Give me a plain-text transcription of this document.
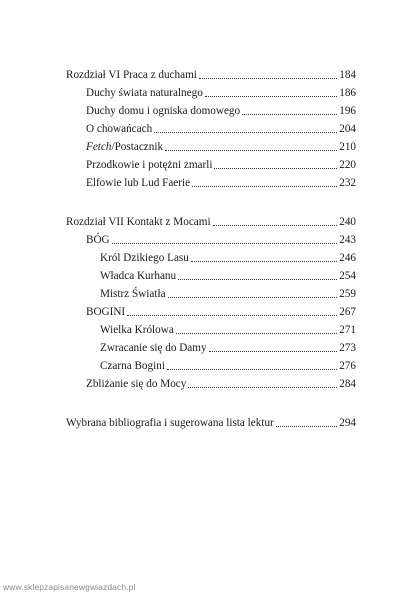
Rozdział VI Praca z duchami	184
Duchy świata naturalnego	186
Duchy domu i ogniska domowego	196
O chowańcach	204
Fetch/Postacznik	210
Przodkowie i potężni zmarli	220
Elfowie lub Lud Faerie	232
Rozdział VII Kontakt z Mocami	240
BÓG	243
Król Dzikiego Lasu	246
Władca Kurhanu	254
Mistrz Światła	259
BOGINI	267
Wielka Królowa	271
Zwracanie się do Damy	273
Czarna Bogini	276
Zbliżanie się do Mocy	284
Wybrana bibliografia i sugerowana lista lektur	294
www.sklepzapisanewgwiazdach.pl
